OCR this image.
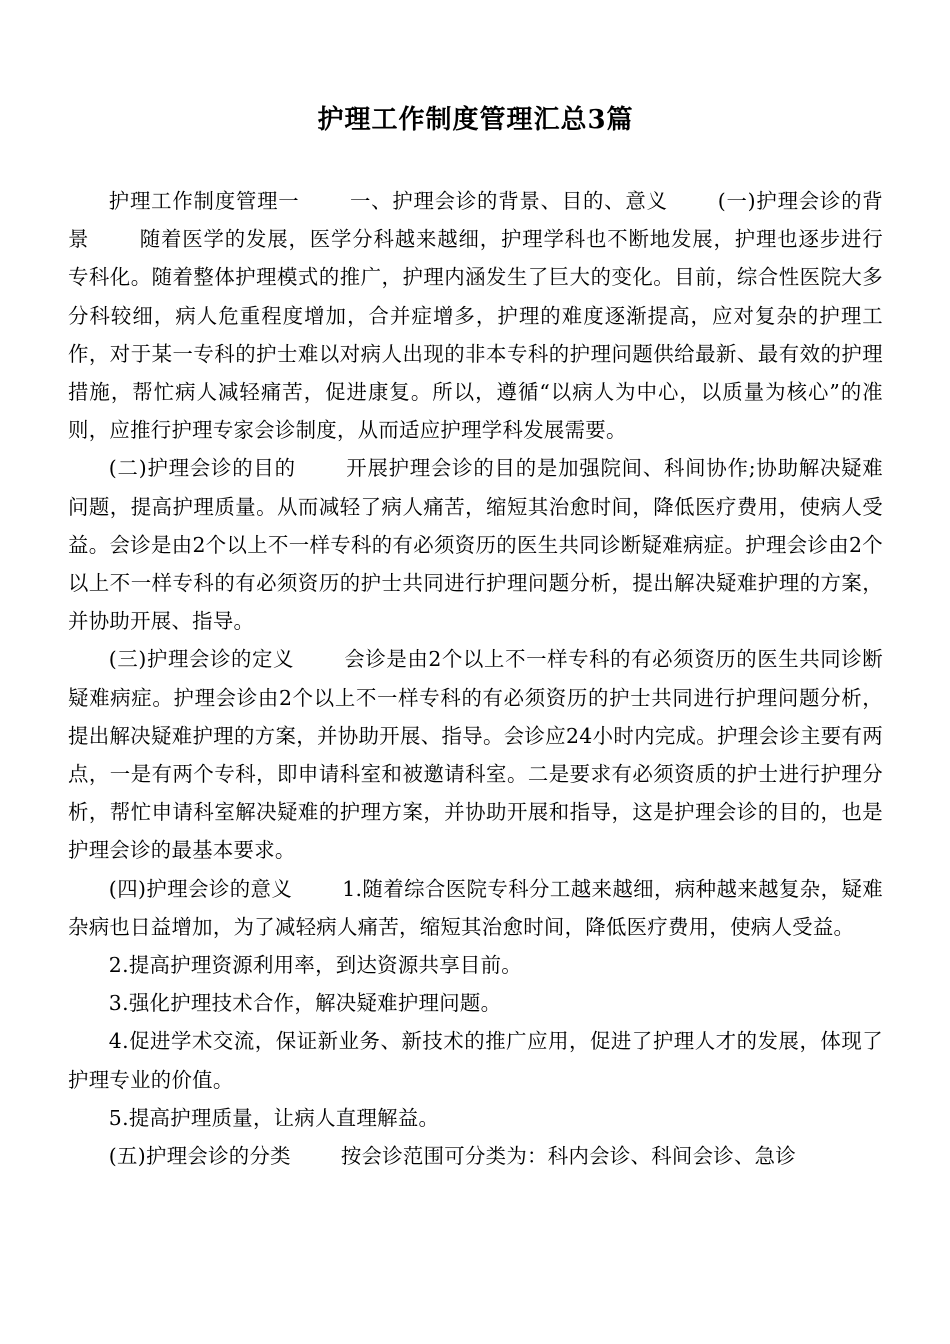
护理工作制度管理汇总3篇

护理工作制度管理一 一、护理会诊的背景、目的、意义 (一)护理会诊的背景 随着医学的发展，医学分科越来越细，护理学科也不断地发展，护理也逐步进行专科化。随着整体护理模式的推广，护理内涵发生了巨大的变化。目前，综合性医院大多分科较细，病人危重程度增加，合并症增多，护理的难度逐渐提高，应对复杂的护理工作，对于某一专科的护士难以对病人出现的非本专科的护理问题供给最新、最有效的护理措施，帮忙病人减轻痛苦，促进康复。所以，遵循“以病人为中心，以质量为核心”的准则，应推行护理专家会诊制度，从而适应护理学科发展需要。

(二)护理会诊的目的 开展护理会诊的目的是加强院间、科间协作;协助解决疑难问题，提高护理质量。从而减轻了病人痛苦，缩短其治愈时间，降低医疗费用，使病人受益。会诊是由2个以上不一样专科的有必须资历的医生共同诊断疑难病症。护理会诊由2个以上不一样专科的有必须资历的护士共同进行护理问题分析，提出解决疑难护理的方案，并协助开展、指导。

(三)护理会诊的定义 会诊是由2个以上不一样专科的有必须资历的医生共同诊断疑难病症。护理会诊由2个以上不一样专科的有必须资历的护士共同进行护理问题分析，提出解决疑难护理的方案，并协助开展、指导。会诊应24小时内完成。护理会诊主要有两点，一是有两个专科，即申请科室和被邀请科室。二是要求有必须资质的护士进行护理分析，帮忙申请科室解决疑难的护理方案，并协助开展和指导，这是护理会诊的目的，也是护理会诊的最基本要求。

(四)护理会诊的意义 1.随着综合医院专科分工越来越细，病种越来越复杂，疑难杂病也日益增加，为了减轻病人痛苦，缩短其治愈时间，降低医疗费用，使病人受益。

2.提高护理资源利用率，到达资源共享目前。

3.强化护理技术合作，解决疑难护理问题。

4.促进学术交流，保证新业务、新技术的推广应用，促进了护理人才的发展，体现了护理专业的价值。

5.提高护理质量，让病人直理解益。

(五)护理会诊的分类 按会诊范围可分类为：科内会诊、科间会诊、急诊
